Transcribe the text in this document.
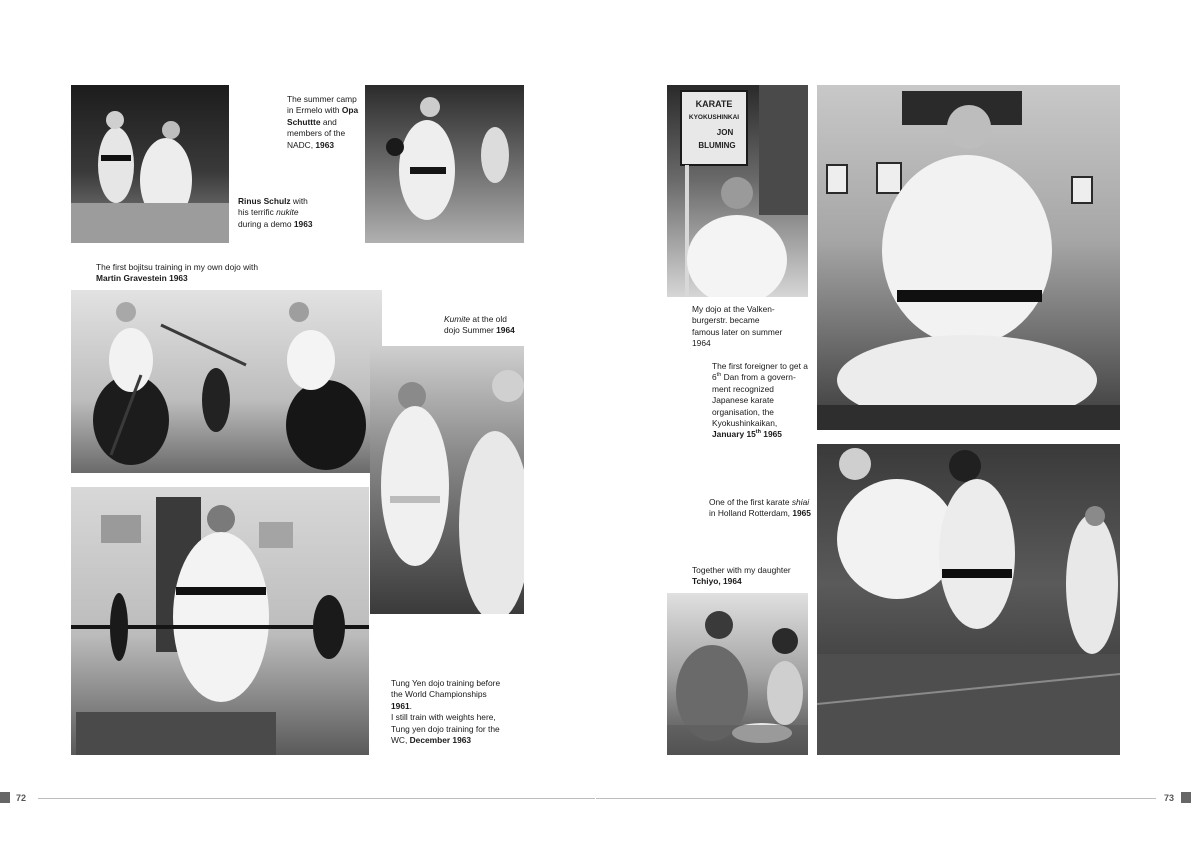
The summer camp in Ermelo with Opa Schuttte and members of the NADC, 1963

Rinus Schulz with his terrific nukite during a demo 1963

The first bojitsu training in my own dojo with
Martin Gravestein 1963

Kumite at the old dojo Summer 1964

Tung Yen dojo training before the World Championships
1961.
I still train with weights here, Tung yen dojo training for the WC, December 1963

KARATE
KYOKUSHINKAI
JON
BLUMING

My dojo at the Valken- burgerstr. became famous later on summer 1964

The first foreigner to get a 6th Dan from a govern- ment recognized Japanese karate organisation, the Kyokushinkaikan, January 15th 1965

One of the first karate shiai in Holland Rotterdam, 1965

Together with my daughter
Tchiyo, 1964

72	73
